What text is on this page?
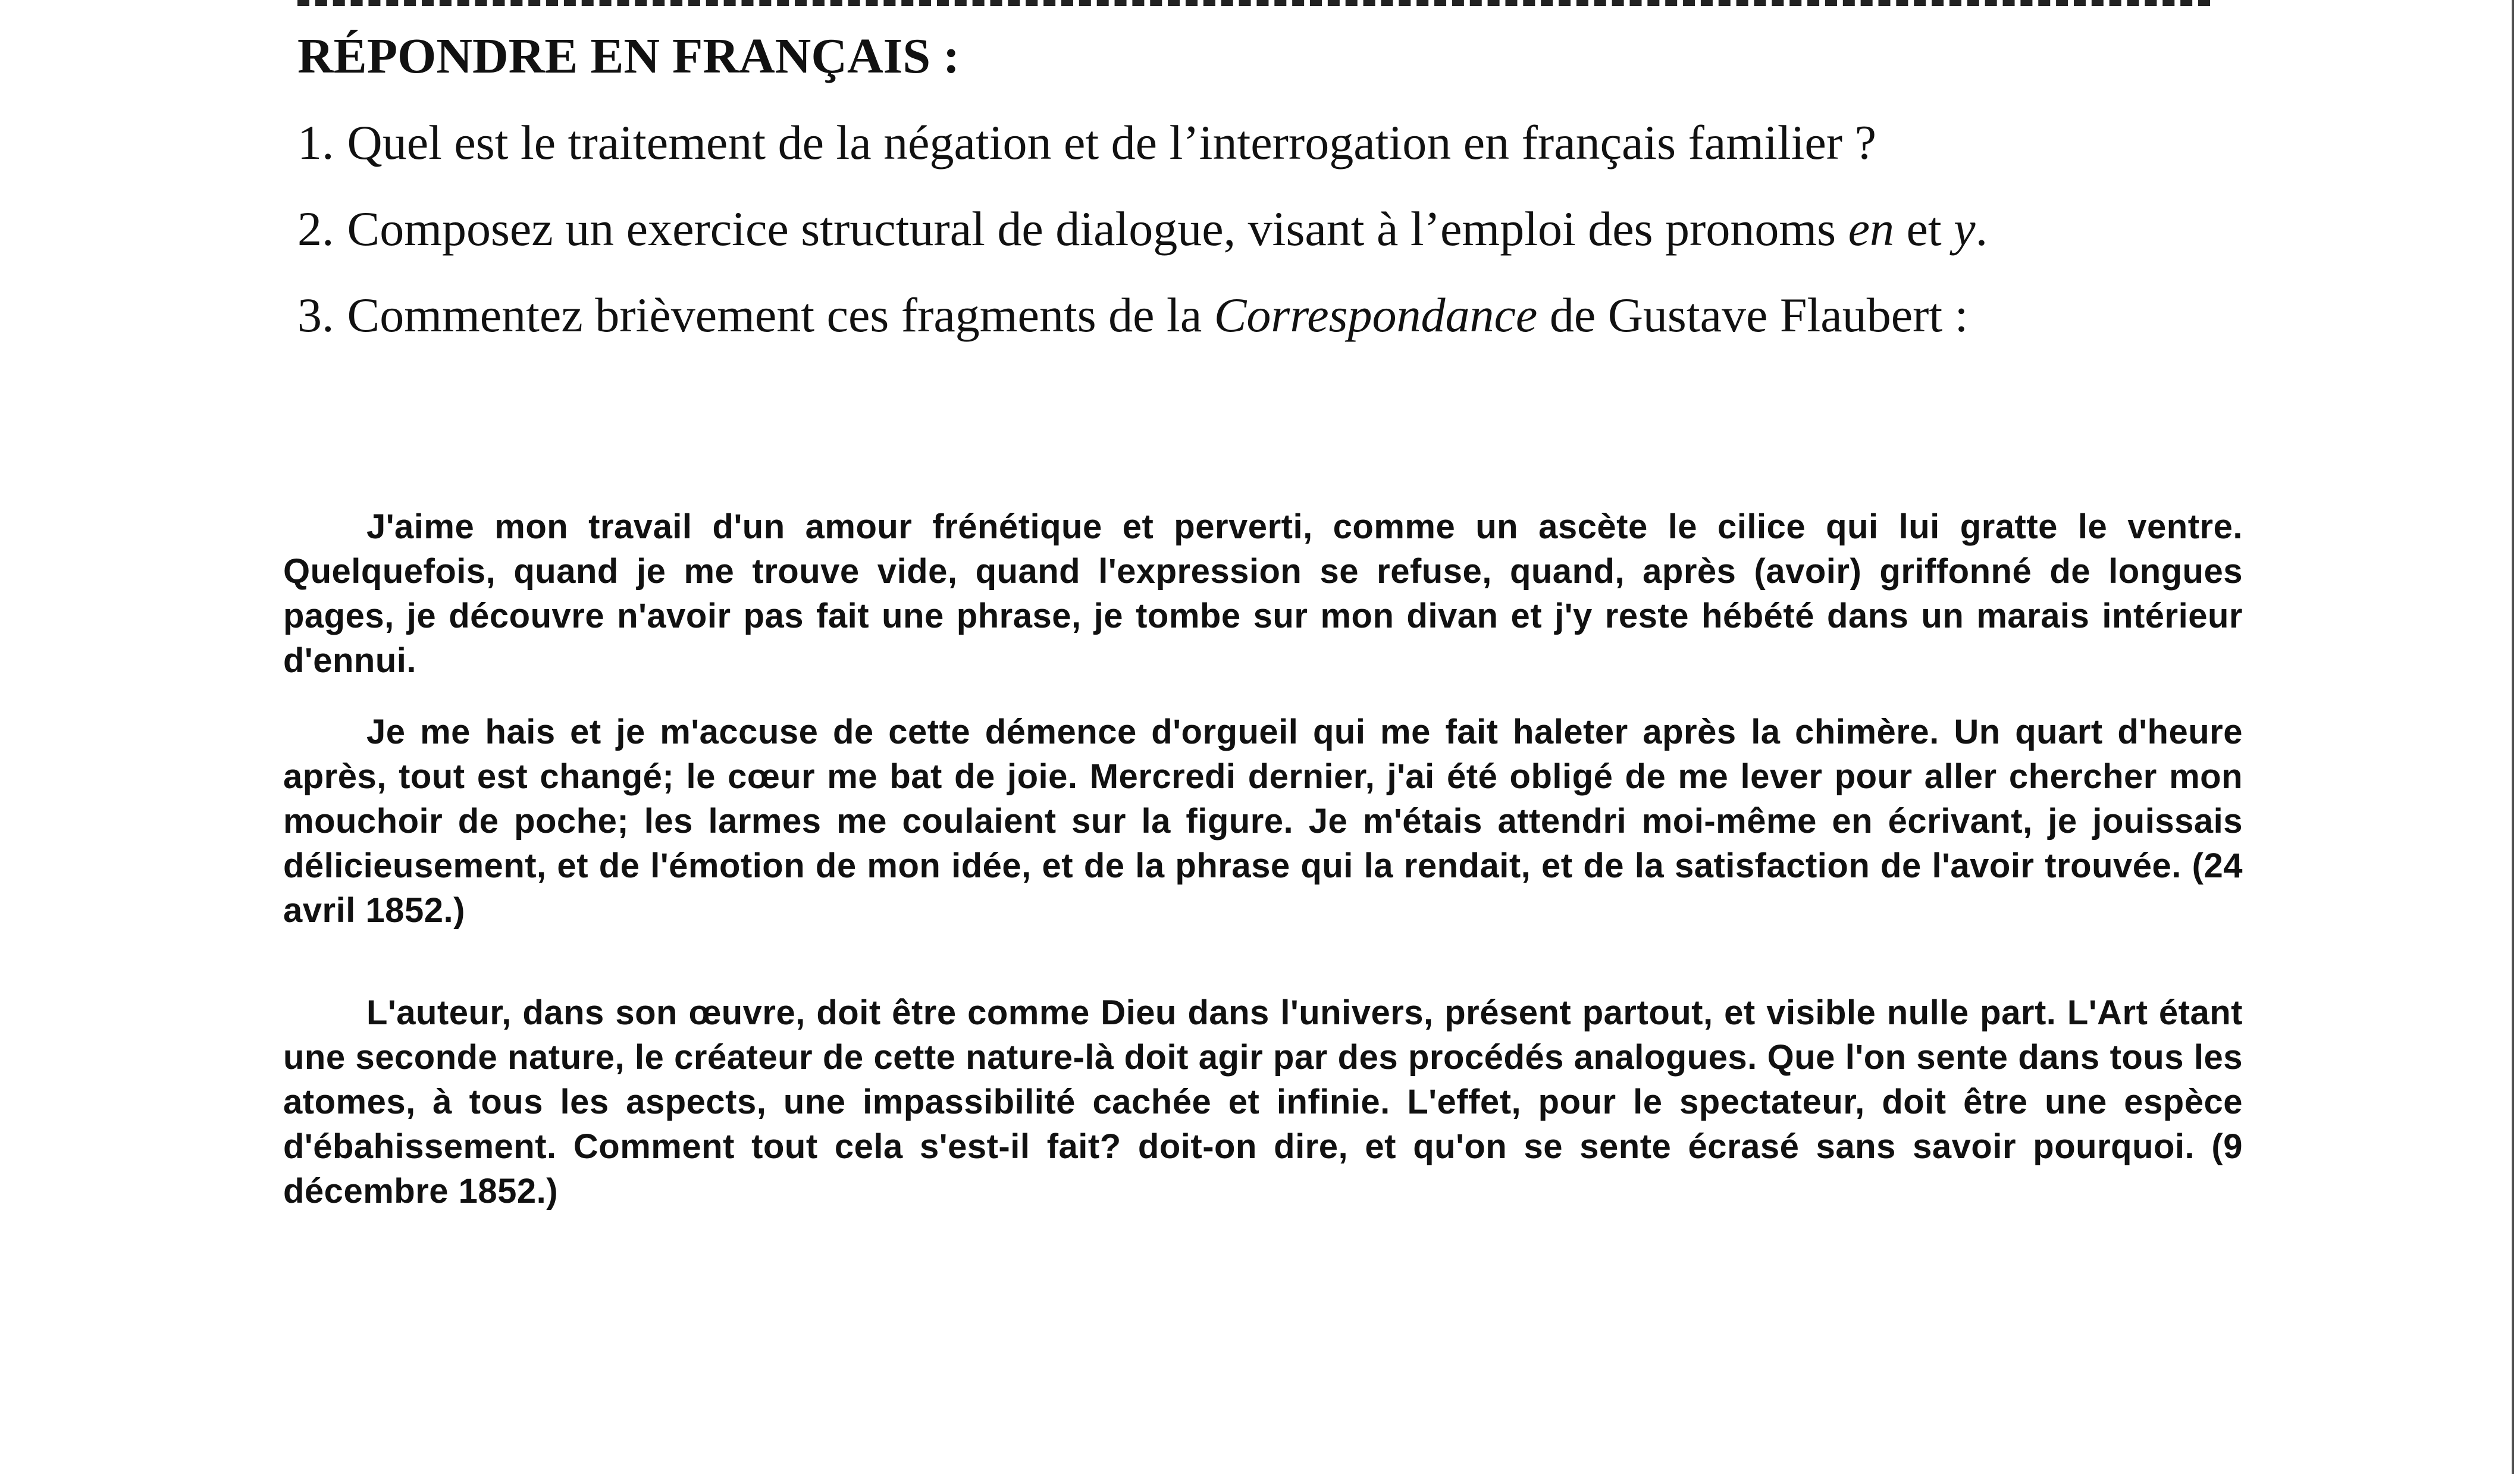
RÉPONDRE EN FRANÇAIS :

1. Quel est le traitement de la négation et de l’interrogation en français familier ?

2. Composez un exercice structural de dialogue, visant à l’emploi des pronoms en et y.

3. Commentez brièvement ces fragments de la Correspondance de Gustave Flaubert :

J'aime mon travail d'un amour frénétique et perverti, comme un ascète le cilice qui lui gratte le ventre. Quelquefois, quand je me trouve vide, quand l'expression se refuse, quand, après (avoir) griffonné de longues pages, je découvre n'avoir pas fait une phrase, je tombe sur mon divan et j'y reste hébété dans un marais intérieur d'ennui.

Je me hais et je m'accuse de cette démence d'orgueil qui me fait haleter après la chimère. Un quart d'heure après, tout est changé; le cœur me bat de joie. Mercredi dernier, j'ai été obligé de me lever pour aller chercher mon mouchoir de poche; les larmes me coulaient sur la figure. Je m'étais attendri moi-même en écrivant, je jouissais délicieusement, et de l'émotion de mon idée, et de la phrase qui la rendait, et de la satisfaction de l'avoir trouvée. (24 avril 1852.)

L'auteur, dans son œuvre, doit être comme Dieu dans l'univers, présent partout, et visible nulle part. L'Art étant une seconde nature, le créateur de cette nature-là doit agir par des procédés analogues. Que l'on sente dans tous les atomes, à tous les aspects, une impassibilité cachée et infinie. L'effet, pour le spectateur, doit être une espèce d'ébahissement. Comment tout cela s'est-il fait? doit-on dire, et qu'on se sente écrasé sans savoir pourquoi. (9 décembre 1852.)
